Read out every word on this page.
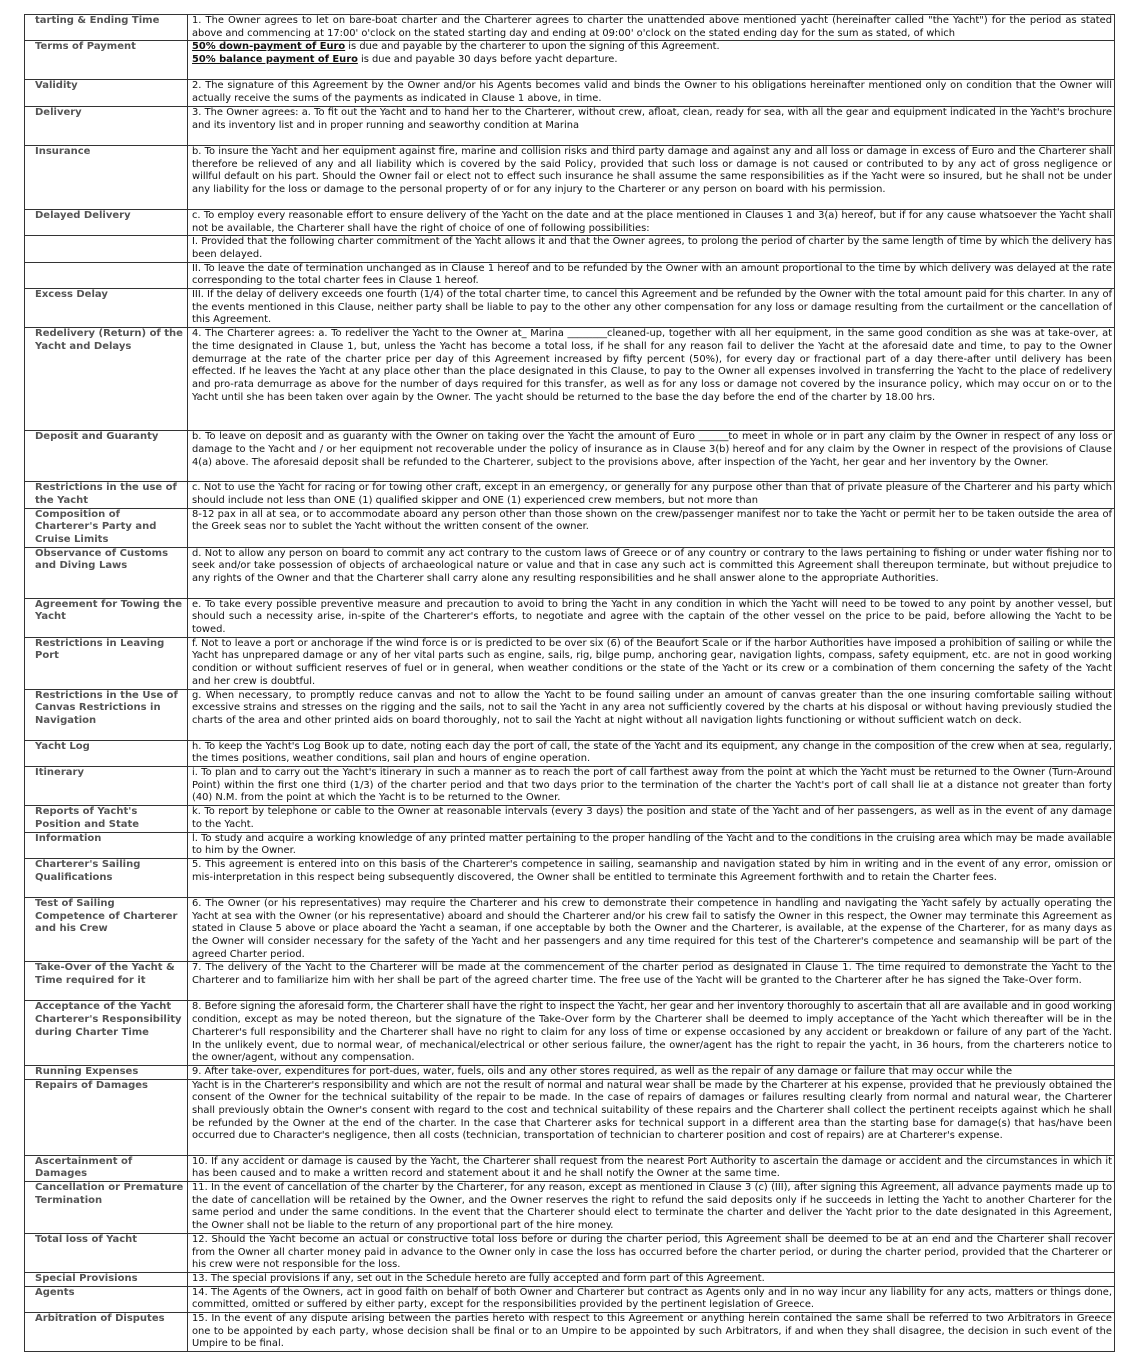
tarting & Ending Time	1. The Owner agrees to let on bare-boat charter and the Charterer agrees to charter the unattended above mentioned yacht (hereinafter called "the Yacht") for the period as stated above and commencing at 17:00' o'clock on the stated starting day and ending at 09:00' o'clock on the stated ending day for the sum as stated, of which
Terms of Payment	50% down-payment of Euro is due and payable by the charterer to upon the signing of this Agreement.
50% balance payment of Euro is due and payable 30 days before yacht departure.

Validity	2. The signature of this Agreement by the Owner and/or his Agents becomes valid and binds the Owner to his obligations hereinafter mentioned only on condition that the Owner will actually receive the sums of the payments as indicated in Clause 1 above, in time.
Delivery	3. The Owner agrees: a. To fit out the Yacht and to hand her to the Charterer, without crew, afloat, clean, ready for sea, with all the gear and equipment indicated in the Yacht's brochure and its inventory list and in proper running and seaworthy condition at Marina
Insurance	b. To insure the Yacht and her equipment against fire, marine and collision risks and third party damage and against any and all loss or damage in excess of Euro and the Charterer shall therefore be relieved of any and all liability which is covered by the said Policy, provided that such loss or damage is not caused or contributed to by any act of gross negligence or willful default on his part. Should the Owner fail or elect not to effect such insurance he shall assume the same responsibilities as if the Yacht were so insured, but he shall not be under any liability for the loss or damage to the personal property of or for any injury to the Charterer or any person on board with his permission.
Delayed Delivery	c. To employ every reasonable effort to ensure delivery of the Yacht on the date and at the place mentioned in Clauses 1 and 3(a) hereof, but if for any cause whatsoever the Yacht shall not be available, the Charterer shall have the right of choice of one of following possibilities:
	I. Provided that the following charter commitment of the Yacht allows it and that the Owner agrees, to prolong the period of charter by the same length of time by which the delivery has been delayed.
	II. To leave the date of termination unchanged as in Clause 1 hereof and to be refunded by the Owner with an amount proportional to the time by which delivery was delayed at the rate corresponding to the total charter fees in Clause 1 hereof.
Excess Delay	III. If the delay of delivery exceeds one fourth (1/4) of the total charter time, to cancel this Agreement and be refunded by the Owner with the total amount paid for this charter. In any of the events mentioned in this Clause, neither party shall be liable to pay to the other any other compensation for any loss or damage resulting from the curtailment or the cancellation of this Agreement.
Redelivery (Return) of the Yacht and Delays	4. The Charterer agrees: a. To redeliver the Yacht to the Owner at_ Marina ________cleaned-up, together with all her equipment, in the same good condition as she was at take-over, at the time designated in Clause 1, but, unless the Yacht has become a total loss, if he shall for any reason fail to deliver the Yacht at the aforesaid date and time, to pay to the Owner demurrage at the rate of the charter price per day of this Agreement increased by fifty percent (50%), for every day or fractional part of a day there-after until delivery has been effected. If he leaves the Yacht at any place other than the place designated in this Clause, to pay to the Owner all expenses involved in transferring the Yacht to the place of redelivery and pro-rata demurrage as above for the number of days required for this transfer, as well as for any loss or damage not covered by the insurance policy, which may occur on or to the Yacht until she has been taken over again by the Owner. The yacht should be returned to the base the day before the end of the charter by 18.00 hrs.
Deposit and Guaranty	b. To leave on deposit and as guaranty with the Owner on taking over the Yacht the amount of Euro ______to meet in whole or in part any claim by the Owner in respect of any loss or damage to the Yacht and / or her equipment not recoverable under the policy of insurance as in Clause 3(b) hereof and for any claim by the Owner in respect of the provisions of Clause 4(a) above. The aforesaid deposit shall be refunded to the Charterer, subject to the provisions above, after inspection of the Yacht, her gear and her inventory by the Owner.
Restrictions in the use of the Yacht	c. Not to use the Yacht for racing or for towing other craft, except in an emergency, or generally for any purpose other than that of private pleasure of the Charterer and his party which should include not less than ONE (1) qualified skipper and ONE (1) experienced crew members, but not more than
Composition of Charterer's Party and Cruise Limits	8-12 pax in all at sea, or to accommodate aboard any person other than those shown on the crew/passenger manifest nor to take the Yacht or permit her to be taken outside the area of the Greek seas nor to sublet the Yacht without the written consent of the owner.
Observance of Customs and Diving Laws	d. Not to allow any person on board to commit any act contrary to the custom laws of Greece or of any country or contrary to the laws pertaining to fishing or under water fishing nor to seek and/or take possession of objects of archaeological nature or value and that in case any such act is committed this Agreement shall thereupon terminate, but without prejudice to any rights of the Owner and that the Charterer shall carry alone any resulting responsibilities and he shall answer alone to the appropriate Authorities.
Agreement for Towing the Yacht	e. To take every possible preventive measure and precaution to avoid to bring the Yacht in any condition in which the Yacht will need to be towed to any point by another vessel, but should such a necessity arise, in-spite of the Charterer's efforts, to negotiate and agree with the captain of the other vessel on the price to be paid, before allowing the Yacht to be towed.
Restrictions in Leaving Port	f. Not to leave a port or anchorage if the wind force is or is predicted to be over six (6) of the Beaufort Scale or if the harbor Authorities have imposed a prohibition of sailing or while the Yacht has unprepared damage or any of her vital parts such as engine, sails, rig, bilge pump, anchoring gear, navigation lights, compass, safety equipment, etc. are not in good working condition or without sufficient reserves of fuel or in general, when weather conditions or the state of the Yacht or its crew or a combination of them concerning the safety of the Yacht and her crew is doubtful.
Restrictions in the Use of Canvas Restrictions in Navigation	g. When necessary, to promptly reduce canvas and not to allow the Yacht to be found sailing under an amount of canvas greater than the one insuring comfortable sailing without excessive strains and stresses on the rigging and the sails, not to sail the Yacht in any area not sufficiently covered by the charts at his disposal or without having previously studied the charts of the area and other printed aids on board thoroughly, not to sail the Yacht at night without all navigation lights functioning or without sufficient watch on deck.
Yacht Log	h. To keep the Yacht's Log Book up to date, noting each day the port of call, the state of the Yacht and its equipment, any change in the composition of the crew when at sea, regularly, the times positions, weather conditions, sail plan and hours of engine operation.
Itinerary	i. To plan and to carry out the Yacht's itinerary in such a manner as to reach the port of call farthest away from the point at which the Yacht must be returned to the Owner (Turn-Around Point) within the first one third (1/3) of the charter period and that two days prior to the termination of the charter the Yacht's port of call shall lie at a distance not greater than forty (40) N.M. from the point at which the Yacht is to be returned to the Owner.
Reports of Yacht's Position and State	k. To report by telephone or cable to the Owner at reasonable intervals (every 3 days) the position and state of the Yacht and of her passengers, as well as in the event of any damage to the Yacht.
Information	l. To study and acquire a working knowledge of any printed matter pertaining to the proper handling of the Yacht and to the conditions in the cruising area which may be made available to him by the Owner.
Charterer's Sailing Qualifications	5. This agreement is entered into on this basis of the Charterer's competence in sailing, seamanship and navigation stated by him in writing and in the event of any error, omission or mis-interpretation in this respect being subsequently discovered, the Owner shall be entitled to terminate this Agreement forthwith and to retain the Charter fees.
Test of Sailing Competence of Charterer and his Crew	6. The Owner (or his representatives) may require the Charterer and his crew to demonstrate their competence in handling and navigating the Yacht safely by actually operating the Yacht at sea with the Owner (or his representative) aboard and should the Charterer and/or his crew fail to satisfy the Owner in this respect, the Owner may terminate this Agreement as stated in Clause 5 above or place aboard the Yacht a seaman, if one acceptable by both the Owner and the Charterer, is available, at the expense of the Charterer, for as many days as the Owner will consider necessary for the safety of the Yacht and her passengers and any time required for this test of the Charterer's competence and seamanship will be part of the agreed Charter period.
Take-Over of the Yacht & Time required for it	7. The delivery of the Yacht to the Charterer will be made at the commencement of the charter period as designated in Clause 1. The time required to demonstrate the Yacht to the Charterer and to familiarize him with her shall be part of the agreed charter time. The free use of the Yacht will be granted to the Charterer after he has signed the Take-Over form.
Acceptance of the Yacht Charterer's Responsibility during Charter Time	8. Before signing the aforesaid form, the Charterer shall have the right to inspect the Yacht, her gear and her inventory thoroughly to ascertain that all are available and in good working condition, except as may be noted thereon, but the signature of the Take-Over form by the Charterer shall be deemed to imply acceptance of the Yacht which thereafter will be in the Charterer's full responsibility and the Charterer shall have no right to claim for any loss of time or expense occasioned by any accident or breakdown or failure of any part of the Yacht. In the unlikely event, due to normal wear, of mechanical/electrical or other serious failure, the owner/agent has the right to repair the yacht, in 36 hours, from the charterers notice to the owner/agent, without any compensation.
Running Expenses	9. After take-over, expenditures for port-dues, water, fuels, oils and any other stores required, as well as the repair of any damage or failure that may occur while the
Repairs of Damages	Yacht is in the Charterer's responsibility and which are not the result of normal and natural wear shall be made by the Charterer at his expense, provided that he previously obtained the consent of the Owner for the technical suitability of the repair to be made. In the case of repairs of damages or failures resulting clearly from normal and natural wear, the Charterer shall previously obtain the Owner's consent with regard to the cost and technical suitability of these repairs and the Charterer shall collect the pertinent receipts against which he shall be refunded by the Owner at the end of the charter. In the case that Charterer asks for technical support in a different area than the starting base for damage(s) that has/have been occurred due to Character's negligence, then all costs (technician, transportation of technician to charterer position and cost of repairs) are at Charterer's expense.
Ascertainment of Damages	10. If any accident or damage is caused by the Yacht, the Charterer shall request from the nearest Port Authority to ascertain the damage or accident and the circumstances in which it has been caused and to make a written record and statement about it and he shall notify the Owner at the same time.
Cancellation or Premature Termination	11. In the event of cancellation of the charter by the Charterer, for any reason, except as mentioned in Clause 3 (c) (III), after signing this Agreement, all advance payments made up to the date of cancellation will be retained by the Owner, and the Owner reserves the right to refund the said deposits only if he succeeds in letting the Yacht to another Charterer for the same period and under the same conditions. In the event that the Charterer should elect to terminate the charter and deliver the Yacht prior to the date designated in this Agreement, the Owner shall not be liable to the return of any proportional part of the hire money.
Total loss of Yacht	12. Should the Yacht become an actual or constructive total loss before or during the charter period, this Agreement shall be deemed to be at an end and the Charterer shall recover from the Owner all charter money paid in advance to the Owner only in case the loss has occurred before the charter period, or during the charter period, provided that the Charterer or his crew were not responsible for the loss.
Special Provisions	13. The special provisions if any, set out in the Schedule hereto are fully accepted and form part of this Agreement.
Agents	14. The Agents of the Owners, act in good faith on behalf of both Owner and Charterer but contract as Agents only and in no way incur any liability for any acts, matters or things done, committed, omitted or suffered by either party, except for the responsibilities provided by the pertinent legislation of Greece.
Arbitration of Disputes	15. In the event of any dispute arising between the parties hereto with respect to this Agreement or anything herein contained the same shall be referred to two Arbitrators in Greece one to be appointed by each party, whose decision shall be final or to an Umpire to be appointed by such Arbitrators, if and when they shall disagree, the decision in such event of the Umpire to be final.
